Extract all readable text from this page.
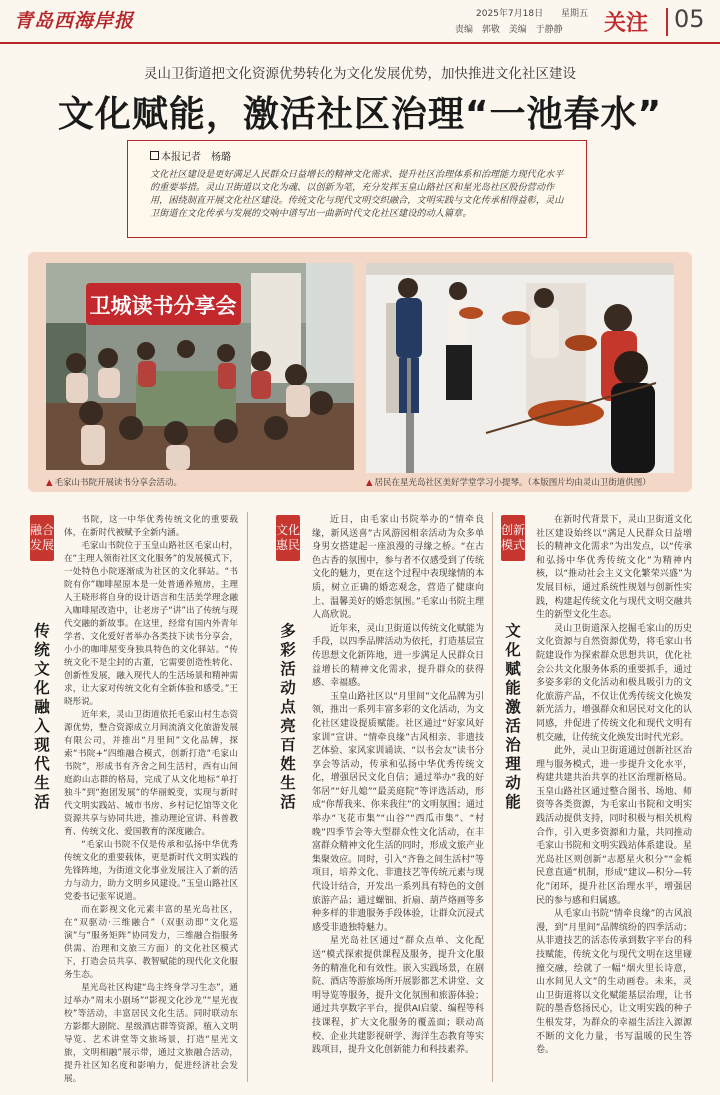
青岛西海岸报	2025年7月18日 星期五
责编 郭敬 美编 于静静 关注 05
灵山卫街道把文化资源优势转化为文化发展优势，加快推进文化社区建设
文化赋能，激活社区治理“一池春水”
本报记者　杨璐
文化社区建设是更好满足人民群众日益增长的精神文化需求、提升社区治理体系和治理能力现代化水平的重要举措。灵山卫街道以文化为魂、以创新为笔，充分发挥玉皇山路社区和星光岛社区股份营动作用，困绕制直开展文化社区建设。传统文化与现代文明交织融合，文明实践与文化传承相得益彰，灵山卫街道在文化传承与发展的交响中谱写出一曲新时代文化社区建设的动人篇章。
卫城读书分享会
▲ 毛家山书院开展读书分享会活动。	▲ 居民在星光岛社区美好学堂学习小提琴。（本版图片均由灵山卫街道供图）
融合发展
传统文化融入现代生活

书院，这一中华优秀传统文化的重要载体，在新时代被赋予全新内涵。

毛家山书院位于玉皇山路社区毛家山村，在“主理人领衔社区文化服务”的发展模式下，一处特色小院逐渐成为社区的文化驿站。“书院有你”咖啡屋原本是一处普通养殖房，主理人王晓形将自身的设计语言和生活美学理念融入咖啡屋改造中，让老房子“讲”出了传统与现代交融的新故事。在这里，经常有国内外青年学者、文化爱好者举办各类技下读书分享会，小小的咖啡屋变身独具特色的文化驿站。“传统文化不是尘封的古董，它需要创造性转化、创新性发展，融入现代人的生活场景和精神需求，让大家对传统文化有全新体验和感受。”王晓彤说。

近年来，灵山卫街道依托毛家山村生态资源优势，整合资源成立月间流淌文化旅游发展有限公司，并推出“月里间”文化品牌，探索“书院+”四维融合模式，创新打造“毛家山书院”，形成书有齐舍之间生活村，西有山间庭韵山志群的格局，完成了从文化地标“单打独斗”到“抱团发展”的华丽蜕变，实现与新时代文明实践站、城市书房、乡村记忆馆等文化资源共享与协同共进，推动理论宣讲、科普教育、传统文化、爱国教育的深度融合。

“毛家山书院不仅是传承和弘扬中华优秀传统文化的重要载体，更是新时代文明实践的先锋阵地，为街道文化事业发展注入了新的活力与动力，助力文明乡风建设。”玉皇山路社区党委书记张军说道。

而在影视文化元素丰富的星光岛社区，在“双驱动·三维融合”（双驱动即“文化巡演”与“服务矩阵”协同发力，三维融合指服务供需、治理和文旅三方面）的文化社区模式下，打造会员共享、教智赋能的现代化文化服务生态。

星光岛社区构建“岛主终身学习生态”，通过举办“周末小剧场”“影视文化沙龙”“星光夜校”等活动，丰富居民文化生活。同时联动东方影都大剧院、星级酒店群等资源，植入文明导览、艺术讲堂等文旅场景，打造“星光文旅，文明相融”展示带，通过文旅融合活动，提升社区知名度和影响力，促进经济社会发展。

文化惠民
多彩活动点亮百姓生活

近日，由毛家山书院举办的“情牵良缘，新风送喜”古风游园相亲活动为众多单身男女搭建起一座浪漫的寻缘之桥。“在古色古香的氛围中，参与者不仅感受到了传统文化的魅力，更在这个过程中表现缘情的本质，树立正确的婚恋观念，营造了健康向上、温馨美好的婚恋氛围。”毛家山书院主理人高欣说。

近年来，灵山卫街道以传统文化赋能为手段，以四季品牌活动为依托，打造基层宣传思想文化新阵地，进一步满足人民群众日益增长的精神文化需求，提升群众的获得感、幸福感。

玉皇山路社区以“月里间”文化品牌为引领，推出一系列丰富多彩的文化活动，为文化社区建设提质赋能。社区通过“好家风好家训”宣讲、“情牵良缘”古风相亲、非遗技艺体验、家风家训诵读、“以书会友”读书分享会等活动，传承和弘扬中华优秀传统文化，增强居民文化自信；通过举办“我的好邻居”“好儿媳”“最美庭院”等评选活动，形成“你帮我来、你来我往”的文明氛围；通过举办“飞花市集”“山谷”“西瓜市集”、“村晚”四季节会等大型群众性文化活动，在丰富群众精神文化生活的同时，形成文旅产业集聚效应。同时，引入“齐鲁之间生活村”等项目，培养文化、非遗技艺等传统元素与现代设计结合，开发出一系列具有特色的文创旅游产品；通过螺钿、折扇、葫芦烙画等多种多样的非遗服务手段体验，让群众沉浸式感受非遗独特魅力。

星光岛社区通过“群众点单、文化配送”模式探索提供课程及服务，提升文化服务的精准化和有效性。嵌入实践场景，在剧院、酒店等游旅场所开展影都艺术讲堂、文明导览等服务，提升文化氛围和旅游体验；通过共享数字平台，提供AI启蒙、编程等科技课程，扩大文化服务的覆盖面；联动高校、企业共建影视研学、海洋生态教育等实践项目，提升文化创新能力和科技素养。

创新模式
文化赋能激活治理动能

在新时代背景下，灵山卫街道文化社区建设始终以“满足人民群众日益增长的精神文化需求”为出发点，以“传承和弘扬中华优秀传统文化”为精神内核，以“推动社会主义文化繁荣兴盛”为发展目标，通过系统性规划与创新性实践，构建起传统文化与现代文明交融共生的新型文化生态。

灵山卫街道深入挖掘毛家山的历史文化资源与自然资源优势，将毛家山书院建设作为探索群众思想共识，优化社会公共文化服务体系的重要抓手，通过多姿多彩的文化活动和极具吸引力的文化旅游产品，不仅让优秀传统文化焕发新光活力，增强群众和居民对文化的认同感，并促进了传统文化和现代文明有机交融，让传统文化焕发出时代光彩。

此外，灵山卫街道通过创新社区治理与服务模式，进一步提升文化水平，构建共建共治共享的社区治理新格局。玉皇山路社区通过整合图书、场地、师资等各类资源，为毛家山书院和文明实践活动提供支持，同时积极与相关机构合作，引入更多资源和力量，共同推动毛家山书院和文明实践站体系建设。星光岛社区则创新“志愿星火积分”“金栀民意直通”机制，形成“建议—积分—转化”闭环，提升社区治理水平，增强居民的参与感和归属感。

从毛家山书院“情牵良缘”的古风浪漫，到“月里间”品牌缤纷的四季活动；从非遗技艺的活态传承到数字平台的科技赋能，传统文化与现代文明在这里碰撞交融，绘就了一幅“烟火里长诗意，山水间见人文”的生动画卷。未来，灵山卫街道将以文化赋能基层治理，让书院的墨香悠扬民心，让文明实践的种子生根发芽，为群众的幸福生活注入源源不断的文化力量，书写温暖的民生答卷。
